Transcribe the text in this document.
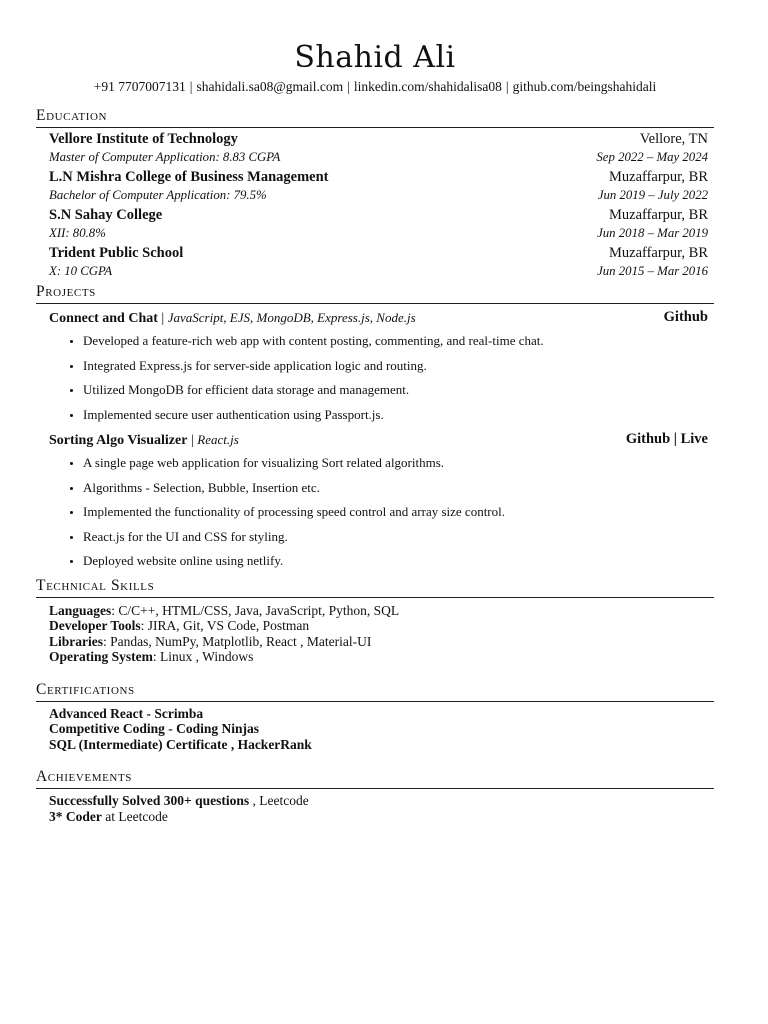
Shahid Ali
+91 7707007131 | shahidali.sa08@gmail.com | linkedin.com/shahidalisa08 | github.com/beingshahidali
Education
Vellore Institute of Technology	Vellore, TN
Master of Computer Application: 8.83 CGPA	Sep 2022 – May 2024
L.N Mishra College of Business Management	Muzaffarpur, BR
Bachelor of Computer Application: 79.5%	Jun 2019 – July 2022
S.N Sahay College	Muzaffarpur, BR
XII: 80.8%	Jun 2018 – Mar 2019
Trident Public School	Muzaffarpur, BR
X: 10 CGPA	Jun 2015 – Mar 2016
Projects
Connect and Chat | JavaScript, EJS, MongoDB, Express.js, Node.js	Github
• Developed a feature-rich web app with content posting, commenting, and real-time chat.
• Integrated Express.js for server-side application logic and routing.
• Utilized MongoDB for efficient data storage and management.
• Implemented secure user authentication using Passport.js.
Sorting Algo Visualizer | React.js	Github | Live
• A single page web application for visualizing Sort related algorithms.
• Algorithms - Selection, Bubble, Insertion etc.
• Implemented the functionality of processing speed control and array size control.
• React.js for the UI and CSS for styling.
• Deployed website online using netlify.
Technical Skills
Languages: C/C++, HTML/CSS, Java, JavaScript, Python, SQL
Developer Tools: JIRA, Git, VS Code, Postman
Libraries: Pandas, NumPy, Matplotlib, React , Material-UI
Operating System: Linux , Windows
Certifications
Advanced React - Scrimba
Competitive Coding - Coding Ninjas
SQL (Intermediate) Certificate , HackerRank
Achievements
Successfully Solved 300+ questions , Leetcode
3* Coder at Leetcode
